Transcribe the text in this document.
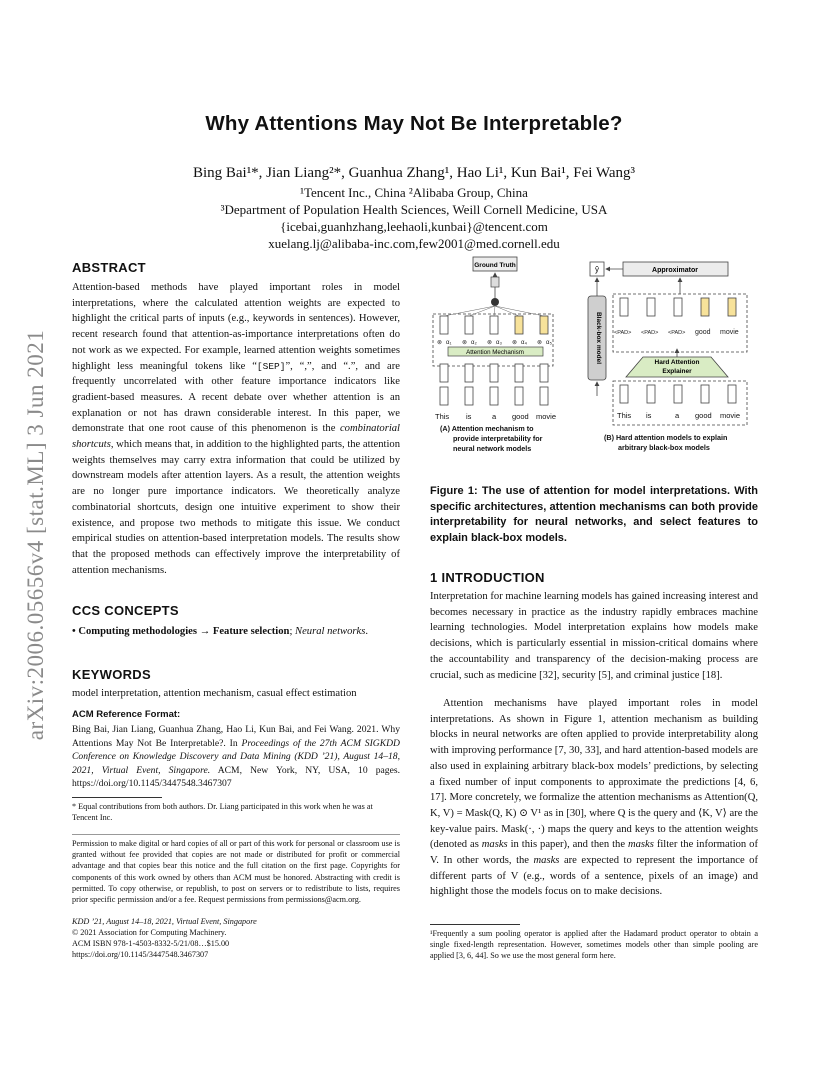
Why Attentions May Not Be Interpretable?
Bing Bai¹*, Jian Liang²*, Guanhua Zhang¹, Hao Li¹, Kun Bai¹, Fei Wang³
¹Tencent Inc., China ²Alibaba Group, China
³Department of Population Health Sciences, Weill Cornell Medicine, USA
{icebai,guanhzhang,leehaoli,kunbai}@tencent.com
xuelang.lj@alibaba-inc.com,few2001@med.cornell.edu
arXiv:2006.05656v4 [stat.ML] 3 Jun 2021
ABSTRACT
Attention-based methods have played important roles in model interpretations, where the calculated attention weights are expected to highlight the critical parts of inputs (e.g., keywords in sentences). However, recent research found that attention-as-importance interpretations often do not work as we expected. For example, learned attention weights sometimes highlight less meaningful tokens like “[SEP]”, “,”, and “.”, and are frequently uncorrelated with other feature importance indicators like gradient-based measures. A recent debate over whether attention is an explanation or not has drawn considerable interest. In this paper, we demonstrate that one root cause of this phenomenon is the combinatorial shortcuts, which means that, in addition to the highlighted parts, the attention weights themselves may carry extra information that could be utilized by downstream models after attention layers. As a result, the attention weights are no longer pure importance indicators. We theoretically analyze combinatorial shortcuts, design one intuitive experiment to show their existence, and propose two methods to mitigate this issue. We conduct empirical studies on attention-based interpretation models. The results show that the proposed methods can effectively improve the interpretability of attention mechanisms.
CCS CONCEPTS
• Computing methodologies → Feature selection; Neural networks.
KEYWORDS
model interpretation, attention mechanism, casual effect estimation
ACM Reference Format:
Bing Bai, Jian Liang, Guanhua Zhang, Hao Li, Kun Bai, and Fei Wang. 2021. Why Attentions May Not Be Interpretable?. In Proceedings of the 27th ACM SIGKDD Conference on Knowledge Discovery and Data Mining (KDD ’21), August 14–18, 2021, Virtual Event, Singapore. ACM, New York, NY, USA, 10 pages. https://doi.org/10.1145/3447548.3467307
* Equal contributions from both authors. Dr. Liang participated in this work when he was at Tencent Inc.
Permission to make digital or hard copies of all or part of this work for personal or classroom use is granted without fee provided that copies are not made or distributed for profit or commercial advantage and that copies bear this notice and the full citation on the first page. Copyrights for components of this work owned by others than ACM must be honored. Abstracting with credit is permitted. To copy otherwise, or republish, to post on servers or to redistribute to lists, requires prior specific permission and/or a fee. Request permissions from permissions@acm.org.
KDD ’21, August 14–18, 2021, Virtual Event, Singapore
© 2021 Association for Computing Machinery.
ACM ISBN 978-1-4503-8332-5/21/08…$15.00
https://doi.org/10.1145/3447548.3467307
Ground Truth
α₁	α₂	α₃	α₄	α₅
⊗	⊗	⊗	⊗	⊗
Attention Mechanism
This is	a good movie
(A) Attention mechanism to
provide interpretability for
neural network models
ŷ	Approximator
Black-box model <PAD> <PAD> <PAD> good movie
Hard Attention
Explainer
This is	a good movie
(B) Hard attention models to explain
arbitrary black-box models
Figure 1: The use of attention for model interpretations. With specific architectures, attention mechanisms can both provide interpretability for neural networks, and select features to explain black-box models.
1 INTRODUCTION
Interpretation for machine learning models has gained increasing interest and becomes necessary in practice as the industry rapidly embraces machine learning technologies. Model interpretation explains how models make decisions, which is particularly essential in mission-critical domains where the accountability and transparency of the decision-making process are crucial, such as medicine [32], security [5], and criminal justice [18].
Attention mechanisms have played important roles in model interpretations. As shown in Figure 1, attention mechanism as building blocks in neural networks are often applied to provide interpretability along with improving performance [7, 30, 33], and hard attention-based models are also used in explaining arbitrary black-box models’ predictions, by selecting a fixed number of input components to approximate the predictions [4, 6, 17]. More concretely, we formalize the attention mechanisms as Attention(Q, K, V) = Mask(Q, K) ⊙ V¹ as in [30], where Q is the query and ⟨K, V⟩ are the key-value pairs. Mask(·, ·) maps the query and keys to the attention weights (denoted as masks in this paper), and then the masks filter the information of V. In other words, the masks are expected to represent the importance of different parts of V (e.g., words of a sentence, pixels of an image) and highlight those the models focus on to make decisions.
¹Frequently a sum pooling operator is applied after the Hadamard product operator to obtain a single fixed-length representation. However, sometimes models other than simple pooling are applied [3, 6, 44]. So we use the most general form here.
